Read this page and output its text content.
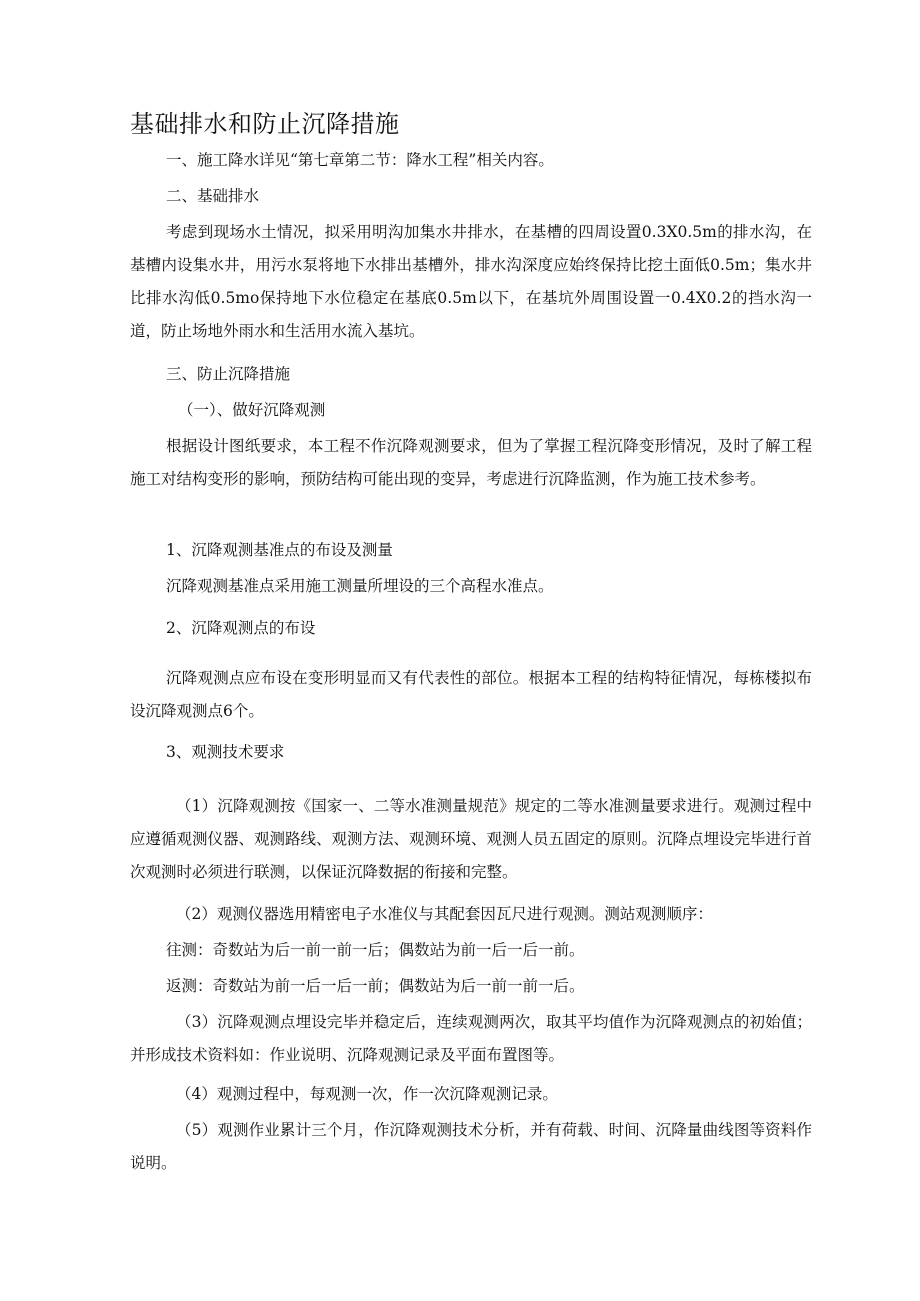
基础排水和防止沉降措施
一、施工降水详见“第七章第二节：降水工程”相关内容。
二、基础排水
考虑到现场水土情况，拟采用明沟加集水井排水，在基槽的四周设置0.3X0.5m的排水沟，在基槽内设集水井，用污水泵将地下水排出基槽外，排水沟深度应始终保持比挖土面低0.5m；集水井比排水沟低0.5mo保持地下水位稳定在基底0.5m以下，在基坑外周围设置一0.4X0.2的挡水沟一道，防止场地外雨水和生活用水流入基坑。
三、防止沉降措施
（一）、做好沉降观测
根据设计图纸要求，本工程不作沉降观测要求，但为了掌握工程沉降变形情况，及时了解工程施工对结构变形的影响，预防结构可能出现的变异，考虑进行沉降监测，作为施工技术参考。
1、沉降观测基准点的布设及测量
沉降观测基准点采用施工测量所埋设的三个高程水准点。
2、沉降观测点的布设
沉降观测点应布设在变形明显而又有代表性的部位。根据本工程的结构特征情况，每栋楼拟布设沉降观测点6个。
3、观测技术要求
（1）沉降观测按《国家一、二等水准测量规范》规定的二等水准测量要求进行。观测过程中应遵循观测仪器、观测路线、观测方法、观测环境、观测人员五固定的原则。沉降点埋设完毕进行首次观测时必须进行联测，以保证沉降数据的衔接和完整。
（2）观测仪器选用精密电子水准仪与其配套因瓦尺进行观测。测站观测顺序：
往测：奇数站为后一前一前一后；偶数站为前一后一后一前。
返测：奇数站为前一后一后一前；偶数站为后一前一前一后。
（3）沉降观测点埋设完毕并稳定后，连续观测两次，取其平均值作为沉降观测点的初始值；并形成技术资料如：作业说明、沉降观测记录及平面布置图等。
（4）观测过程中，每观测一次，作一次沉降观测记录。
（5）观测作业累计三个月，作沉降观测技术分析，并有荷载、时间、沉降量曲线图等资料作说明。
